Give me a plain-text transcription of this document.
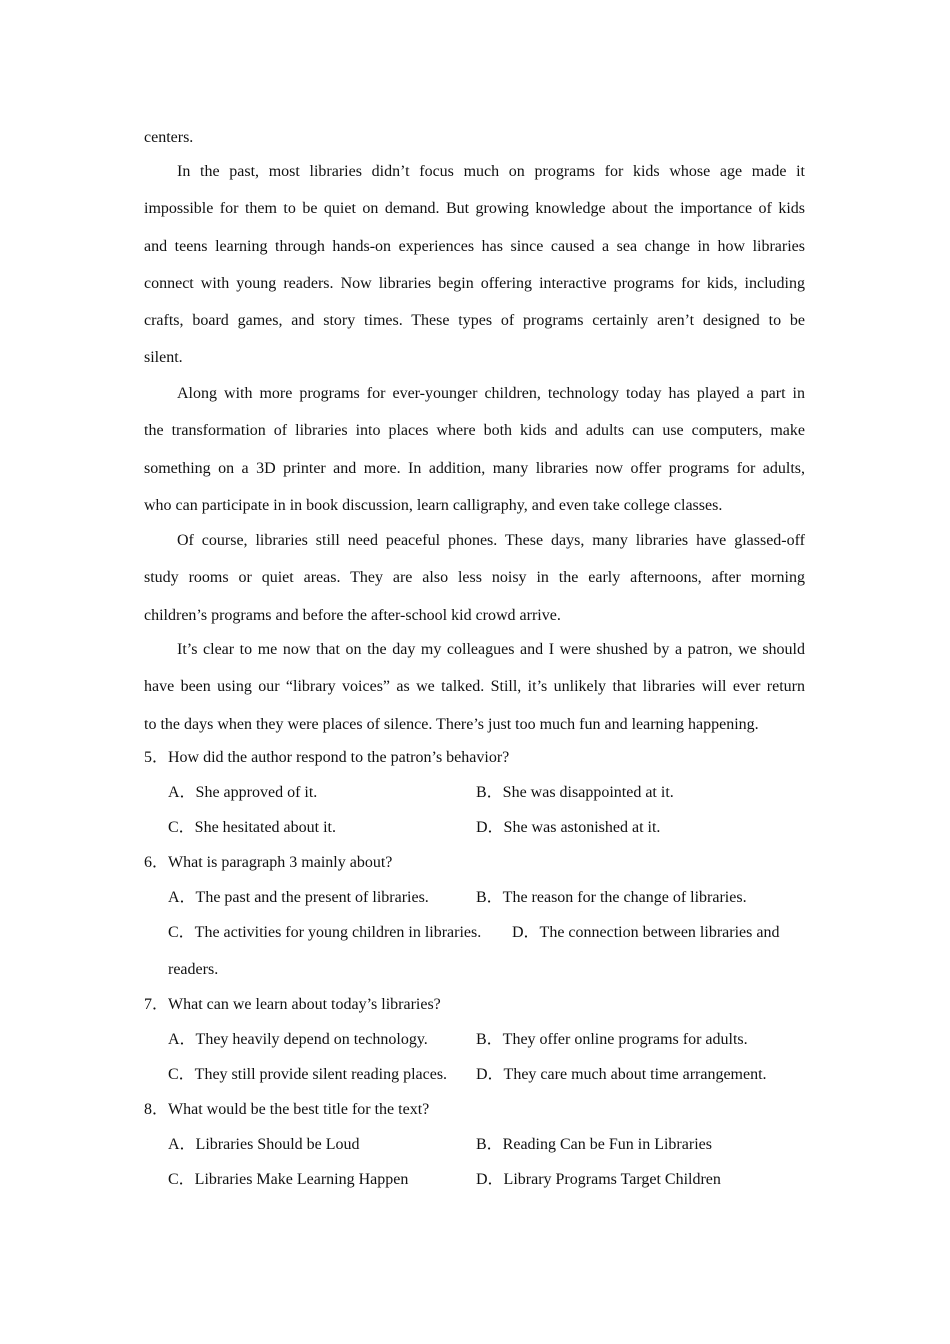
centers.
In the past, most libraries didn’t focus much on programs for kids whose age made it
impossible for them to be quiet on demand. But growing knowledge about the importance of kids
and teens learning through hands-on experiences has since caused a sea change in how libraries
connect with young readers. Now libraries begin offering interactive programs for kids, including
crafts, board games, and story times. These types of programs certainly aren’t designed to be
silent.
Along with more programs for ever-younger children, technology today has played a part in
the transformation of libraries into places where both kids and adults can use computers, make
something on a 3D printer and more. In addition, many libraries now offer programs for adults,
who can participate in in book discussion, learn calligraphy, and even take college classes.
Of course, libraries still need peaceful phones. These days, many libraries have glassed-off
study rooms or quiet areas. They are also less noisy in the early afternoons, after morning
children’s programs and before the after-school kid crowd arrive.
It’s clear to me now that on the day my colleagues and I were shushed by a patron, we should
have been using our “library voices” as we talked. Still, it’s unlikely that libraries will ever return
to the days when they were places of silence. There’s just too much fun and learning happening.
5．How did the author respond to the patron’s behavior?
A．She approved of it.	B．She was disappointed at it.
C．She hesitated about it.	D．She was astonished at it.
6．What is paragraph 3 mainly about?
A．The past and the present of libraries.	B．The reason for the change of libraries.
C．The activities for young children in libraries. D．The connection between libraries and
readers.
7．What can we learn about today’s libraries?
A．They heavily depend on technology.	B．They offer online programs for adults.
C．They still provide silent reading places. D．They care much about time arrangement.
8．What would be the best title for the text?
A．Libraries Should be Loud	B．Reading Can be Fun in Libraries
C．Libraries Make Learning Happen	D．Library Programs Target Children
